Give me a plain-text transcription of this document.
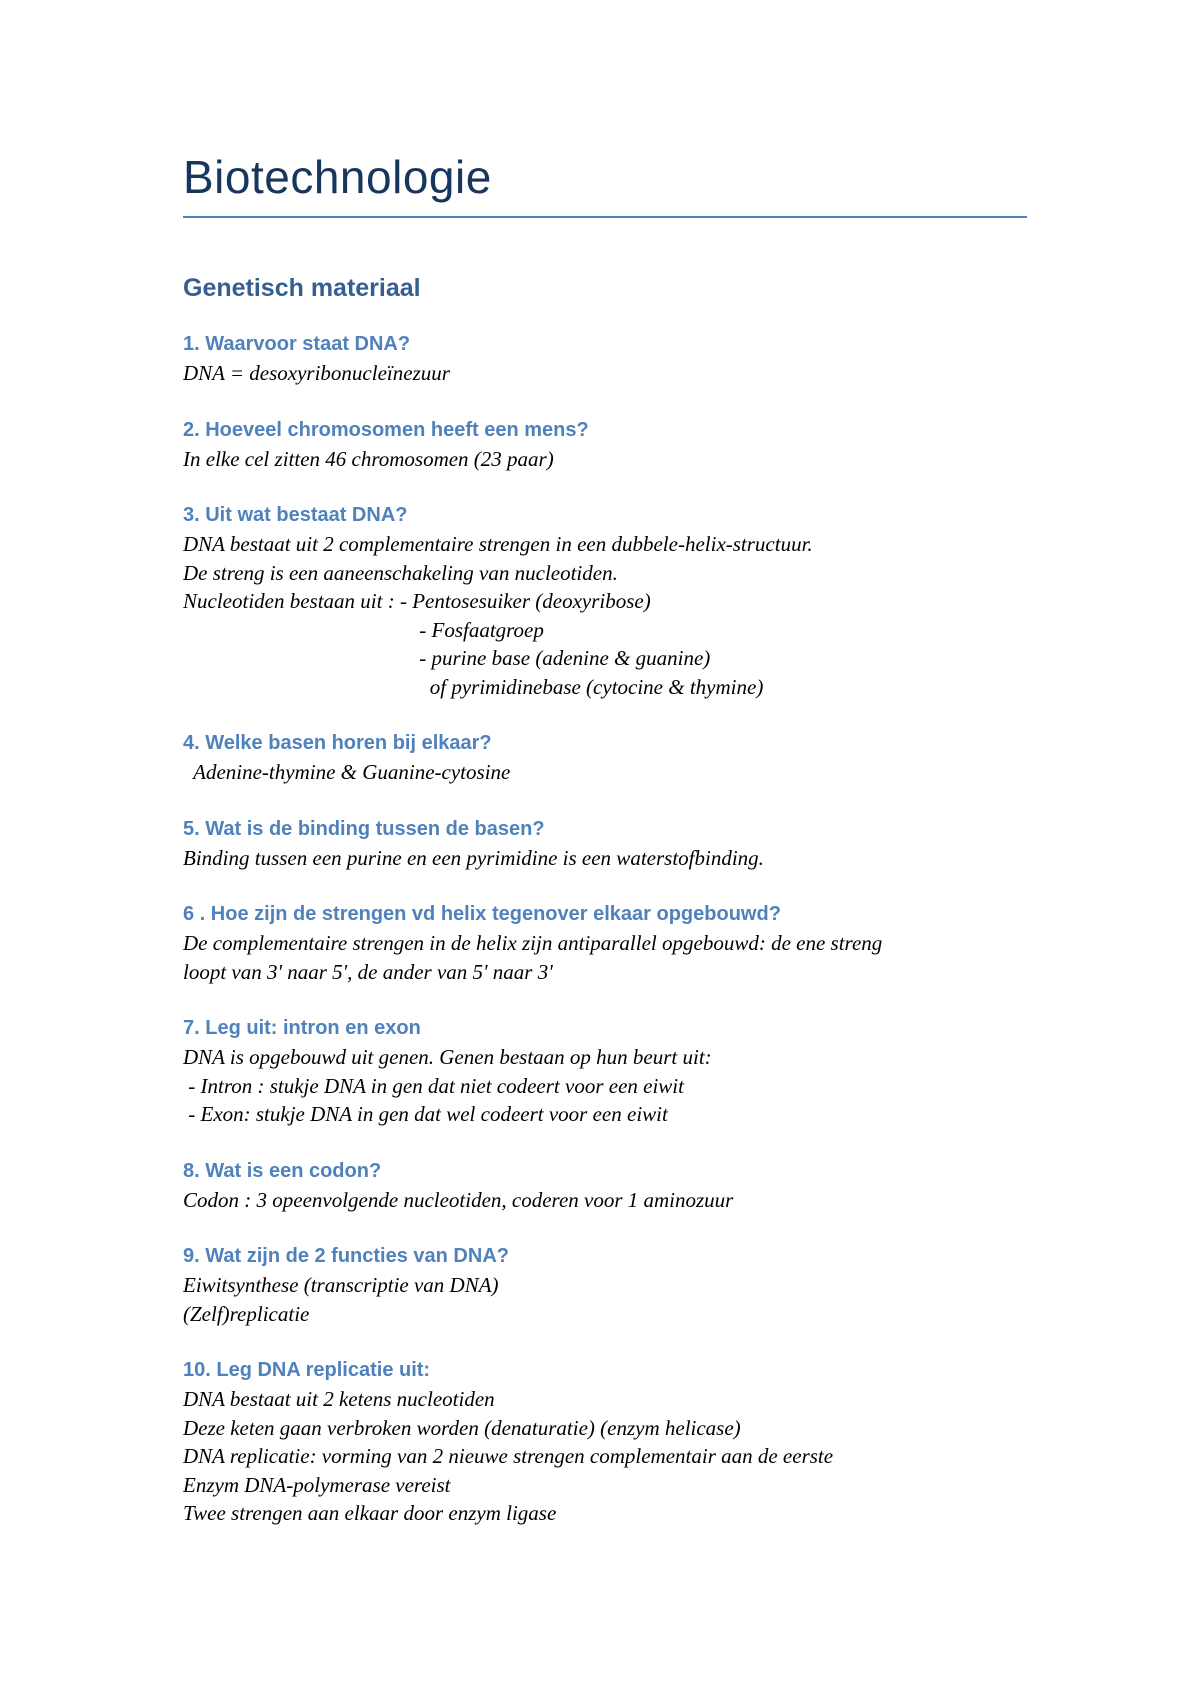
Biotechnologie
Genetisch materiaal
1. Waarvoor staat DNA?
DNA = desoxyribonucleïnezuur
2. Hoeveel chromosomen heeft een mens?
In elke cel zitten 46 chromosomen (23 paar)
3. Uit wat bestaat DNA?
DNA bestaat uit 2 complementaire strengen in een dubbele-helix-structuur.
De streng is een aaneenschakeling van nucleotiden.
Nucleotiden bestaan uit : - Pentosesuiker (deoxyribose)
- Fosfaatgroep
- purine base (adenine & guanine)
of pyrimidinebase (cytocine & thymine)
4. Welke basen horen bij elkaar?
Adenine-thymine & Guanine-cytosine
5. Wat is de binding tussen de basen?
Binding tussen een purine en een pyrimidine is een waterstofbinding.
6 . Hoe zijn de strengen vd helix tegenover elkaar opgebouwd?
De complementaire strengen in de helix zijn antiparallel opgebouwd: de ene streng
loopt van 3' naar 5', de ander van 5' naar 3'
7. Leg uit: intron en exon
DNA is opgebouwd uit genen. Genen bestaan op hun beurt uit:
- Intron : stukje DNA in gen dat niet codeert voor een eiwit
- Exon: stukje DNA in gen dat wel codeert voor een eiwit
8. Wat is een codon?
Codon : 3 opeenvolgende nucleotiden, coderen voor 1 aminozuur
9. Wat zijn de 2 functies van DNA?
Eiwitsynthese (transcriptie van DNA)
(Zelf)replicatie
10. Leg DNA replicatie uit:
DNA bestaat uit 2 ketens nucleotiden
Deze keten gaan verbroken worden (denaturatie) (enzym helicase)
DNA replicatie: vorming van 2 nieuwe strengen complementair aan de eerste
Enzym DNA-polymerase vereist
Twee strengen aan elkaar door enzym ligase
